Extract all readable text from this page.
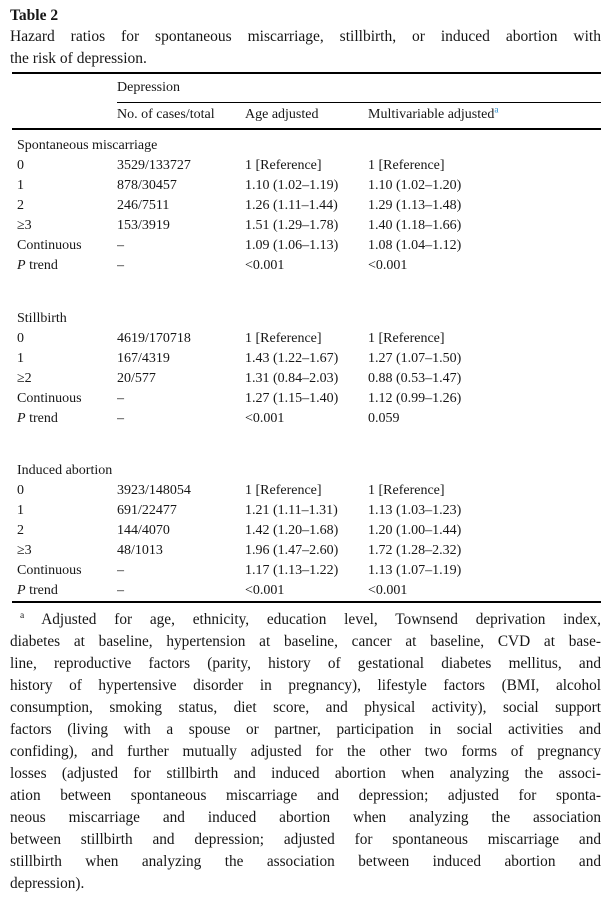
Table 2
Hazard ratios for spontaneous miscarriage, stillbirth, or induced abortion with
the risk of depression.
	Depression		
	No. of cases/total	Age adjusted	Multivariable adjusted$^a$
Spontaneous miscarriage			
0	3529/133727	1 [Reference]	1 [Reference]
1	878/30457	1.10 (1.02–1.19)	1.10 (1.02–1.20)
2	246/7511	1.26 (1.11–1.44)	1.29 (1.13–1.48)
≥3	153/3919	1.51 (1.29–1.78)	1.40 (1.18–1.66)
Continuous	–	1.09 (1.06–1.13)	1.08 (1.04–1.12)
P trend	–	<0.001	<0.001

Stillbirth			
0	4619/170718	1 [Reference]	1 [Reference]
1	167/4319	1.43 (1.22–1.67)	1.27 (1.07–1.50)
≥2	20/577	1.31 (0.84–2.03)	0.88 (0.53–1.47)
Continuous	–	1.27 (1.15–1.40)	1.12 (0.99–1.26)
P trend	–	<0.001	0.059

Induced abortion			
0	3923/148054	1 [Reference]	1 [Reference]
1	691/22477	1.21 (1.11–1.31)	1.13 (1.03–1.23)
2	144/4070	1.42 (1.20–1.68)	1.20 (1.00–1.44)
≥3	48/1013	1.96 (1.47–2.60)	1.72 (1.28–2.32)
Continuous	–	1.17 (1.13–1.22)	1.13 (1.07–1.19)
P trend	–	<0.001	<0.001
$^a$ Adjusted for age, ethnicity, education level, Townsend deprivation index,
diabetes at baseline, hypertension at baseline, cancer at baseline, CVD at base-
line, reproductive factors (parity, history of gestational diabetes mellitus, and
history of hypertensive disorder in pregnancy), lifestyle factors (BMI, alcohol
consumption, smoking status, diet score, and physical activity), social support
factors (living with a spouse or partner, participation in social activities and
confiding), and further mutually adjusted for the other two forms of pregnancy
losses (adjusted for stillbirth and induced abortion when analyzing the associ-
ation between spontaneous miscarriage and depression; adjusted for sponta-
neous miscarriage and induced abortion when analyzing the association
between stillbirth and depression; adjusted for spontaneous miscarriage and
stillbirth when analyzing the association between induced abortion and
depression).
